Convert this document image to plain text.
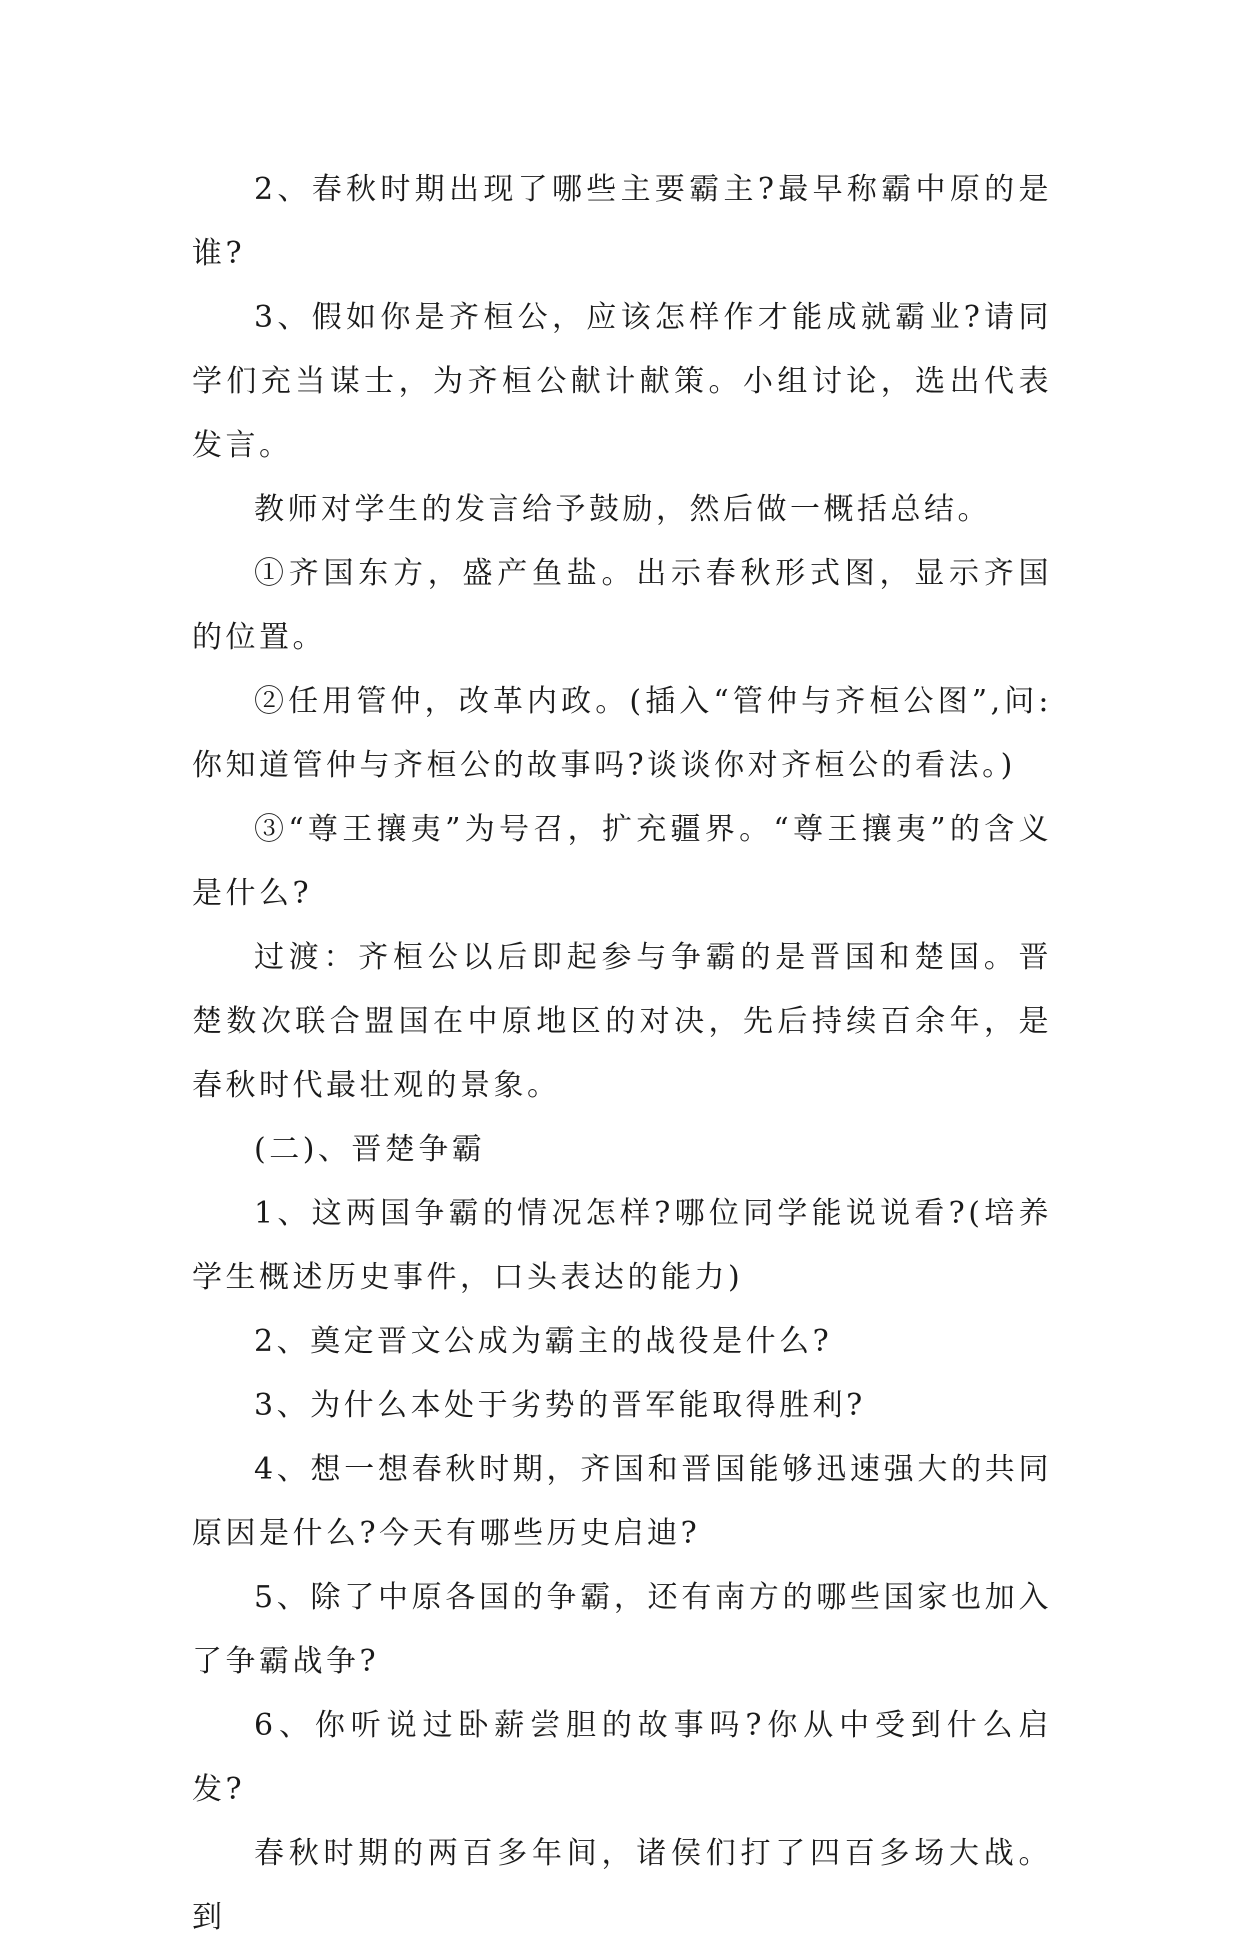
2、春秋时期出现了哪些主要霸主?最早称霸中原的是谁?

3、假如你是齐桓公，应该怎样作才能成就霸业?请同学们充当谋士，为齐桓公献计献策。小组讨论，选出代表发言。

教师对学生的发言给予鼓励，然后做一概括总结。

①齐国东方，盛产鱼盐。出示春秋形式图，显示齐国的位置。

②任用管仲，改革内政。(插入“管仲与齐桓公图”,问:你知道管仲与齐桓公的故事吗?谈谈你对齐桓公的看法。)

③“尊王攘夷”为号召，扩充疆界。“尊王攘夷”的含义是什么?

过渡：齐桓公以后即起参与争霸的是晋国和楚国。晋楚数次联合盟国在中原地区的对决，先后持续百余年，是春秋时代最壮观的景象。

(二)、晋楚争霸

1、这两国争霸的情况怎样?哪位同学能说说看?(培养学生概述历史事件，口头表达的能力)

2、奠定晋文公成为霸主的战役是什么?

3、为什么本处于劣势的晋军能取得胜利?

4、想一想春秋时期，齐国和晋国能够迅速强大的共同原因是什么?今天有哪些历史启迪?

5、除了中原各国的争霸，还有南方的哪些国家也加入了争霸战争?

6、你听说过卧薪尝胆的故事吗?你从中受到什么启发?

春秋时期的两百多年间，诸侯们打了四百多场大战。到
